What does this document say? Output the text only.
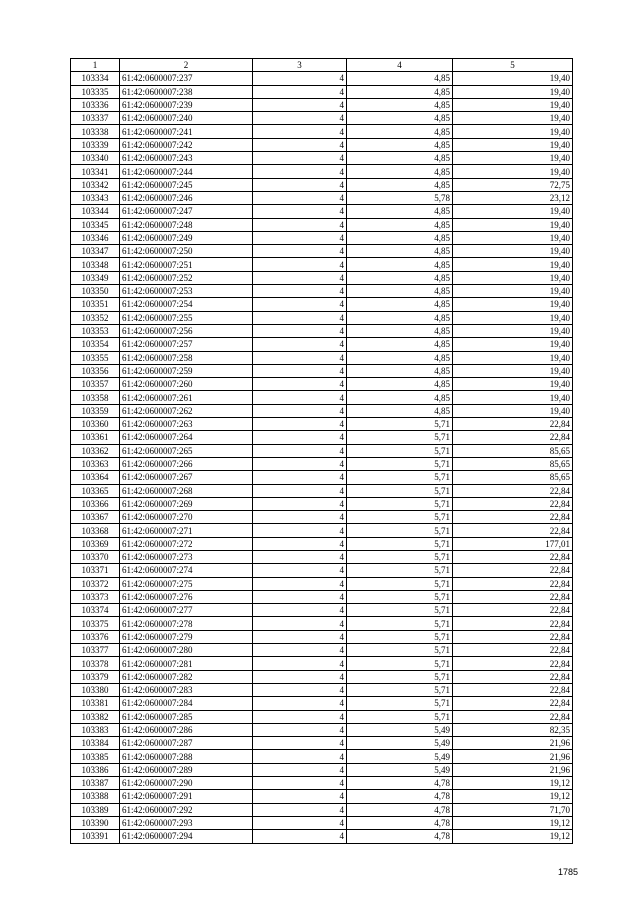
1	2	3	4	5
103334	61:42:0600007:237	4	4,85	19,40
103335	61:42:0600007:238	4	4,85	19,40
103336	61:42:0600007:239	4	4,85	19,40
103337	61:42:0600007:240	4	4,85	19,40
103338	61:42:0600007:241	4	4,85	19,40
103339	61:42:0600007:242	4	4,85	19,40
103340	61:42:0600007:243	4	4,85	19,40
103341	61:42:0600007:244	4	4,85	19,40
103342	61:42:0600007:245	4	4,85	72,75
103343	61:42:0600007:246	4	5,78	23,12
103344	61:42:0600007:247	4	4,85	19,40
103345	61:42:0600007:248	4	4,85	19,40
103346	61:42:0600007:249	4	4,85	19,40
103347	61:42:0600007:250	4	4,85	19,40
103348	61:42:0600007:251	4	4,85	19,40
103349	61:42:0600007:252	4	4,85	19,40
103350	61:42:0600007:253	4	4,85	19,40
103351	61:42:0600007:254	4	4,85	19,40
103352	61:42:0600007:255	4	4,85	19,40
103353	61:42:0600007:256	4	4,85	19,40
103354	61:42:0600007:257	4	4,85	19,40
103355	61:42:0600007:258	4	4,85	19,40
103356	61:42:0600007:259	4	4,85	19,40
103357	61:42:0600007:260	4	4,85	19,40
103358	61:42:0600007:261	4	4,85	19,40
103359	61:42:0600007:262	4	4,85	19,40
103360	61:42:0600007:263	4	5,71	22,84
103361	61:42:0600007:264	4	5,71	22,84
103362	61:42:0600007:265	4	5,71	85,65
103363	61:42:0600007:266	4	5,71	85,65
103364	61:42:0600007:267	4	5,71	85,65
103365	61:42:0600007:268	4	5,71	22,84
103366	61:42:0600007:269	4	5,71	22,84
103367	61:42:0600007:270	4	5,71	22,84
103368	61:42:0600007:271	4	5,71	22,84
103369	61:42:0600007:272	4	5,71	177,01
103370	61:42:0600007:273	4	5,71	22,84
103371	61:42:0600007:274	4	5,71	22,84
103372	61:42:0600007:275	4	5,71	22,84
103373	61:42:0600007:276	4	5,71	22,84
103374	61:42:0600007:277	4	5,71	22,84
103375	61:42:0600007:278	4	5,71	22,84
103376	61:42:0600007:279	4	5,71	22,84
103377	61:42:0600007:280	4	5,71	22,84
103378	61:42:0600007:281	4	5,71	22,84
103379	61:42:0600007:282	4	5,71	22,84
103380	61:42:0600007:283	4	5,71	22,84
103381	61:42:0600007:284	4	5,71	22,84
103382	61:42:0600007:285	4	5,71	22,84
103383	61:42:0600007:286	4	5,49	82,35
103384	61:42:0600007:287	4	5,49	21,96
103385	61:42:0600007:288	4	5,49	21,96
103386	61:42:0600007:289	4	5,49	21,96
103387	61:42:0600007:290	4	4,78	19,12
103388	61:42:0600007:291	4	4,78	19,12
103389	61:42:0600007:292	4	4,78	71,70
103390	61:42:0600007:293	4	4,78	19,12
103391	61:42:0600007:294	4	4,78	19,12
1785
